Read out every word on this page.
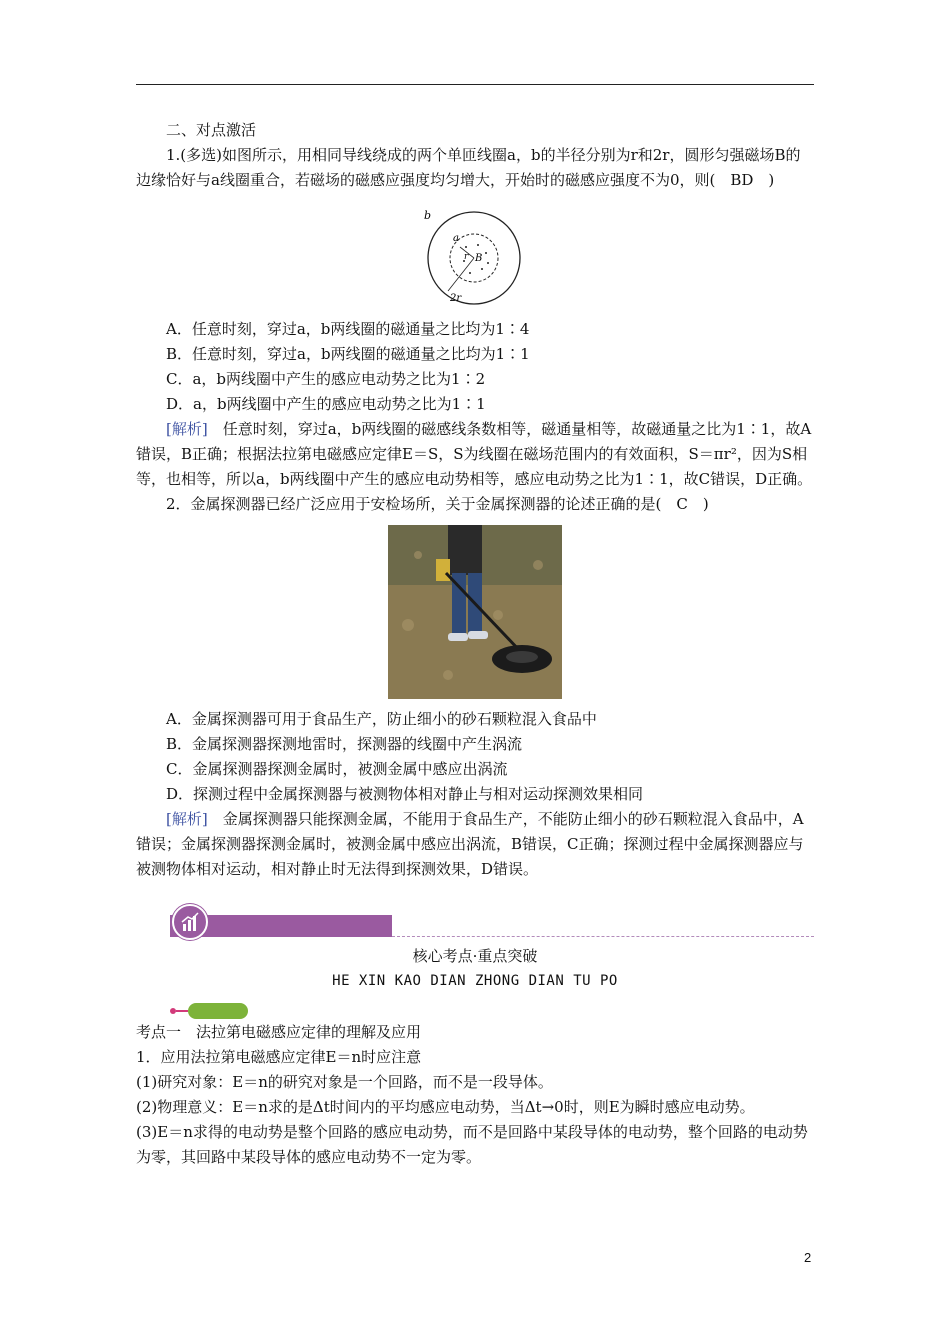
二、对点激活

1.(多选)如图所示，用相同导线绕成的两个单匝线圈a，b的半径分别为r和2r，圆形匀强磁场B的边缘恰好与a线圈重合，若磁场的磁感应强度均匀增大，开始时的磁感应强度不为0，则(　BD　)

b
a
r B
2r

A．任意时刻，穿过a，b两线圈的磁通量之比均为1∶4

B．任意时刻，穿过a，b两线圈的磁通量之比均为1∶1

C．a，b两线圈中产生的感应电动势之比为1∶2

D．a，b两线圈中产生的感应电动势之比为1∶1

[解析]　任意时刻，穿过a，b两线圈的磁感线条数相等，磁通量相等，故磁通量之比为1∶1，故A错误，B正确；根据法拉第电磁感应定律E＝S，S为线圈在磁场范围内的有效面积，S＝πr²，因为S相等，也相等，所以a，b两线圈中产生的感应电动势相等，感应电动势之比为1∶1，故C错误，D正确。

2．金属探测器已经广泛应用于安检场所，关于金属探测器的论述正确的是(　C　)

A．金属探测器可用于食品生产，防止细小的砂石颗粒混入食品中

B．金属探测器探测地雷时，探测器的线圈中产生涡流

C．金属探测器探测金属时，被测金属中感应出涡流

D．探测过程中金属探测器与被测物体相对静止与相对运动探测效果相同

[解析]　金属探测器只能探测金属，不能用于食品生产，不能防止细小的砂石颗粒混入食品中，A错误；金属探测器探测金属时，被测金属中感应出涡流，B错误，C正确；探测过程中金属探测器应与被测物体相对运动，相对静止时无法得到探测效果，D错误。

核心考点·重点突破
HE XIN KAO DIAN ZHONG DIAN TU PO

考点一　法拉第电磁感应定律的理解及应用

1．应用法拉第电磁感应定律E＝n时应注意

(1)研究对象：E＝n的研究对象是一个回路，而不是一段导体。

(2)物理意义：E＝n求的是Δt时间内的平均感应电动势，当Δt→0时，则E为瞬时感应电动势。

(3)E＝n求得的电动势是整个回路的感应电动势，而不是回路中某段导体的电动势，整个回路的电动势为零，其回路中某段导体的感应电动势不一定为零。

2
